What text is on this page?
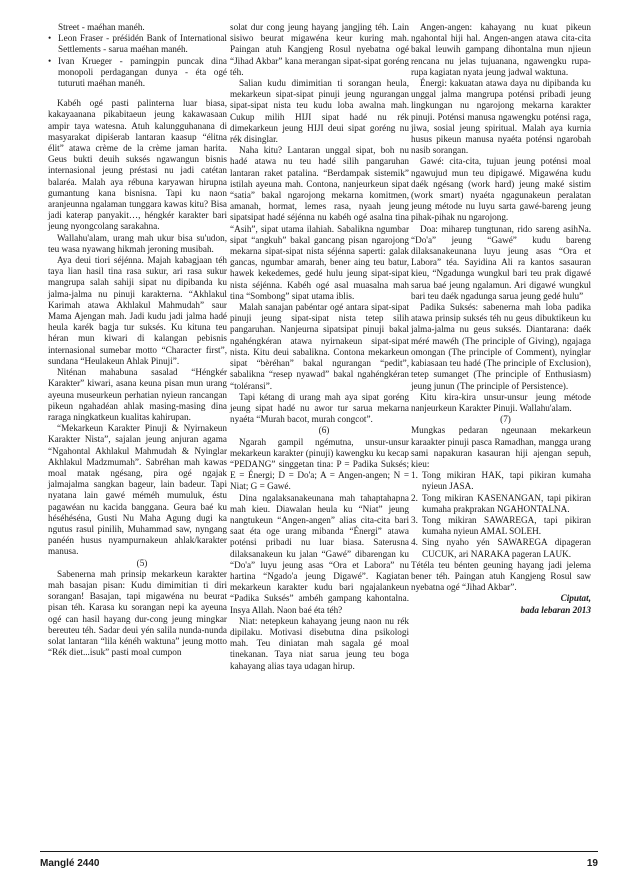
Street - maéhan manéh.

• Leon Fraser - préśidén Bank of International Settlements - sarua maéhan manéh.
• Ivan Krueger - pamingpin puncak dina monopoli perdagangan dunya - éta ogé tuturuti maéhan manéh.

Kabéh ogé pasti palinterna luar biasa, kakayaanana pikabitaeun jeung kakawasaan ampir taya watesna. Atuh kalungguhanana di masyarakat dipiśerab lantaran kaasup “élitna élit” atawa crème de la crème jaman harita. Geus bukti deuih suksés ngawangun bisnis internasional jeung préstasi nu jadi catétan balaréa. Malah aya rébuna karyawan hirupna gumantung kana bisnisna. Tapi ku naon aranjeunna ngalaman tunggara kawas kitu? Bisa jadi katerap panyakit…, héngkér karakter bari jeung nyongcolang sarakahna.

Wallahu'alam, urang mah ukur bisa su'udon, teu wasa nyawang hikmah jeroning musibah.

Aya deui tiori séjénna. Majah kabagjaan téh taya lian hasil tina rasa sukur, ari rasa sukur mangrupa salah sahiji sipat nu dipibanda ku jalma-jalma nu pinuji karakterna. “Akhlakul Karimah atawa Akhlakul Mahmudah” saur Mama Ajengan mah. Jadi kudu jadi jalma hadé heula karék bagja tur suksés. Ku kituna teu héran mun kiwari di kalangan pebisnis internasional sumebar motto “Character first”, sundana “Heulakeun Ahlak Pinuji”.

Niténan mahabuna sasalad “Héngkér Karakter” kiwari, asana keuna pisan mun urang ayeuna museurkeun perhatian nyieun rancangan pikeun ngahadéan ahlak masing-masing dina raraga ningkatkeun kualitas kahirupan.

“Mekarkeun Karakter Pinuji & Nyirnakeun Karakter Nista”, sajalan jeung anjuran agama “Ngahontal Akhlakul Mahmudah & Nyinglar Akhlakul Madzmumah”. Sabréhan mah kawas moal matak ngésang, pira ogé ngajak jalmajalma sangkan bageur, lain badeur. Tapi nyatana lain gawé méméh mumuluk, éstu pagawéan nu kacida banggana. Geura baé ku héséhéséna, Gusti Nu Maha Agung dugi ka ngutus rasul pinilih, Muhammad saw, nyngang panéén husus nyampurnakeun ahlak/karakter manusa.

(5)

Sabenerna mah prinsip mekarkeun karakter mah basajan pisan: Kudu dimimitian ti diri sorangan! Basajan, tapi migawéna nu beurat pisan téh. Karasa ku sorangan nepi ka ayeuna ogé can hasil hayang dur-cong jeung mingkar bereuteu téh. Sadar deui yén salila nunda-nunda solat lantaran “lila kénéh waktuna” jeung motto “Rék diet...isuk” pasti moal cumpon

solat dur cong jeung hayang jangjing téh. Lain sisiwo beurat migawéna keur kuring mah. Paingan atuh Kangjeng Rosul nyebatna ogé “Jihad Akbar” kana merangan sipat-sipat goréng téh.

Salian kudu dimimitian ti sorangan heula, mekarkeun sipat-sipat pinuji jeung ngurangan sipat-sipat nista teu kudu loba awalna mah. Cukup milih HIJI sipat hadé nu rék dimekarkeun jeung HIJI deui sipat goréng nu rék disinglar.

Naha kitu? Lantaran unggal sipat, boh nu hadé atawa nu teu hadé silih pangaruhan lantaran raket patalina. “Berdampak sistemik” istilah ayeuna mah. Contona, nanjeurkeun sipat “satia” bakal ngarojong mekarna komitmen, amanah, hormat, lemes rasa, nyaah jeung sipatsipat hadé séjénna nu kabéh ogé asalna tina “Asih”, sipat utama ilahiah. Sabalikna ngumbar sipat “angkuh” bakal gancang pisan ngarojong mekarna sipat-sipat nista séjénna saperti: galak gancas, ngumbar amarah, bener aing teu batur, hawek kekedemes, gedé hulu jeung sipat-sipat nista séjénna. Kabéh ogé asal muasalna mah tina “Sombong” sipat utama iblis.

Malah sanajan pabéntar ogé antara sipat-sipat pinuji jeung sipat-sipat nista tetep silih pangaruhan. Nanjeurna sipatsipat pinuji bakal ngahéngkéran atawa nyirnakeun sipat-sipat nista. Kitu deui sabalikna. Contona mekarkeun sipat “bèréhan” bakal ngurangan “pedit”, sabalikna “resep nyawad” bakal ngahéngkéran “toléransi”.

Tapi kétang di urang mah aya sipat goréng jeung sipat hadé nu awor tur sarua mekarna nyaéta “Murah bacot, murah congcot”.

(6)

Ngarah gampil ngémutna, unsur-unsur mekarkeun karakter (pinuji) kawengku ku kecap “PEDANG” singgetan tina: P = Padika Suksés; E = Énergi; D = Do'a; A = Angen-angen; N = Niat; G = Gawé.

Dina ngalaksanakeunana mah tahaptahapna mah kieu. Diawalan heula ku “Niat” jeung nangtukeun “Angen-angen” alias cita-cita bari saat éta oge urang mibanda “Énergi” atawa poténsi pribadi nu luar biasa. Saterusna dilaksanakeun ku jalan “Gawé” dibarengan ku “Do'a” luyu jeung asas “Ora et Labora” nu hartina “Ngado'a jeung Digawé”. Kagiatan mekarkeun karakter kudu bari ngajalankeun “Padika Suksés” ambéh gampang kahontalna. Insya Allah. Naon baé éta téh?

Niat: netepkeun kahayang jeung naon nu rék dipilaku. Motivasi disebutna dina psikologi mah. Teu diniatan mah sagala gé moal tinekanan. Taya niat sarua jeung teu boga kahayang alias taya udagan hirup.

Angen-angen: kahayang nu kuat pikeun ngahontal hiji hal. Angen-angen atawa cita-cita bakal leuwih gampang dihontalna mun njieun rencana nu jelas tujuanana, ngawengku rupa-rupa kagiatan nyata jeung jadwal waktuna.

Énergi: kakuatan atawa daya nu dipibanda ku unggal jalma mangrupa poténsi pribadi jeung lingkungan nu ngarojong mekarna karakter pinuji. Poténsi manusa ngawengku poténsi raga, jiwa, sosial jeung spiritual. Malah aya kurnia husus pikeun manusa nyaéta poténsi ngarobah nasib sorangan.

Gawé: cita-cita, tujuan jeung poténsi moal ngawujud mun teu dipigawé. Migawéna kudu daék ngésang (work hard) jeung maké sistim (work smart) nyaéta ngagunakeun peralatan jeung métode nu luyu sarta gawé-bareng jeung pihak-pihak nu ngarojong.

Doa: miharep tungtunan, rido sareng asihNa. “Do'a” jeung “Gawé” kudu bareng dilaksanakeunana luyu jeung asas “Ora et Labora” téa. Sayidina Ali ra kantos sasauran kieu, “Ngadunga wungkul bari teu prak digawé sarua baé jeung ngalamun. Ari digawé wungkul bari teu daék ngadunga sarua jeung gedé hulu”

Padika Suksés: sabenerna mah loba padika atawa prinsip suksés téh nu geus dibuktikeun ku jalma-jalma nu geus suksés. Diantarana: daék méré mawéh (The principle of Giving), ngajaga omongan (The principle of Comment), nyinglar kabiasaan teu hadé (The principle of Exclusion), tetep sumanget (The principle of Enthusiasm) jeung junun (The principle of Persistence).

Kitu kira-kira unsur-unsur jeung métode nanjeurkeun Karakter Pinuji. Wallahu'alam.

(7)

Mungkas pedaran ngeunaan mekarkeun karaakter pinuji pasca Ramadhan, mangga urang sami napakuran kasauran hiji ajengan sepuh, kieu:

1. Tong mikiran HAK, tapi pikiran kumaha nyieun JASA.
2. Tong mikiran KASENANGAN, tapi pikiran kumaha prakprakan NGAHONTALNA.
3. Tong mikiran SAWAREGA, tapi pikiran kumaha nyieun AMAL SOLEH.
4. Sing nyaho yén SAWAREGA dipageran CUCUK, ari NARAKA pageran LAUK.

Tétéla teu bénten geuning hayang jadi jelema bener téh. Paingan atuh Kangjeng Rosul saw nyebatna ogé “Jihad Akbar”.

Ciputat,

bada lebaran 2013

Manglé 2440	19
